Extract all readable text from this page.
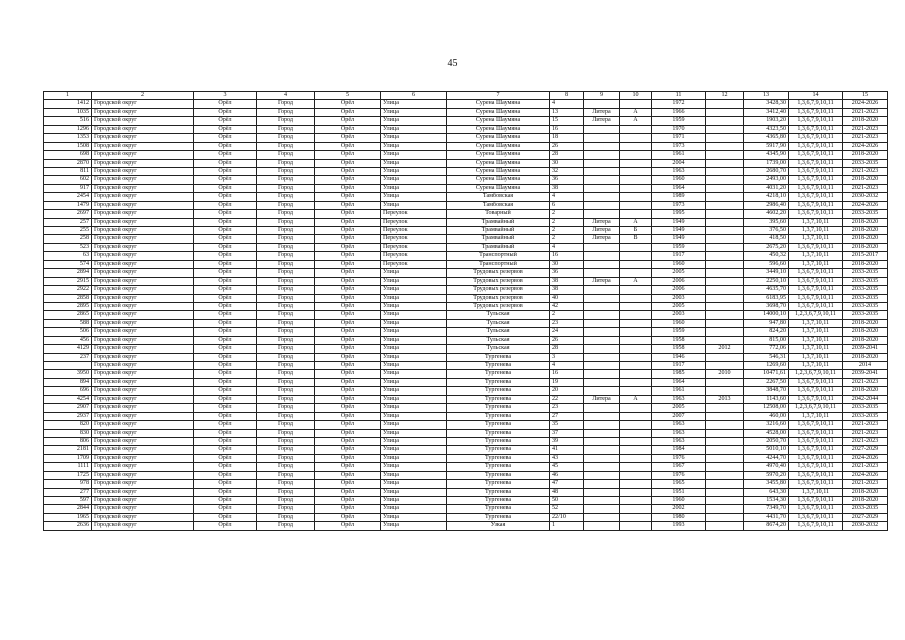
45
1	2	3	4	5	6	7	8	9	10	11	12	13	14	15
1412	Городской округ	Орёл	Город	Орёл	Улица	Сурена Шаумяна	4			1972		3428,30	1,3,6,7,9,10,11	2024-2026
1035	Городской округ	Орёл	Город	Орёл	Улица	Сурена Шаумяна	13	Литера	А	1966		3412,40	1,3,6,7,9,10,11	2021-2023
516	Городской округ	Орёл	Город	Орёл	Улица	Сурена Шаумяна	15	Литера	А	1959		1903,20	1,3,6,7,9,10,11	2018-2020
1296	Городской округ	Орёл	Город	Орёл	Улица	Сурена Шаумяна	16			1970		4323,50	1,3,6,7,9,10,11	2021-2023
1353	Городской округ	Орёл	Город	Орёл	Улица	Сурена Шаумяна	18			1971		4365,80	1,3,6,7,9,10,11	2021-2023
1508	Городской округ	Орёл	Город	Орёл	Улица	Сурена Шаумяна	26			1973		5917,90	1,3,6,7,9,10,11	2024-2026
698	Городской округ	Орёл	Город	Орёл	Улица	Сурена Шаумяна	28			1961		4345,90	1,3,6,7,9,10,11	2018-2020
2870	Городской округ	Орёл	Город	Орёл	Улица	Сурена Шаумяна	30			2004		1739,00	1,3,6,7,9,10,11	2033-2035
811	Городской округ	Орёл	Город	Орёл	Улица	Сурена Шаумяна	32			1963		2680,70	1,3,6,7,9,10,11	2021-2023
602	Городской округ	Орёл	Город	Орёл	Улица	Сурена Шаумяна	36			1960		2493,00	1,3,6,7,9,10,11	2018-2020
917	Городской округ	Орёл	Город	Орёл	Улица	Сурена Шаумяна	38			1964		4031,20	1,3,6,7,9,10,11	2021-2023
2454	Городской округ	Орёл	Город	Орёл	Улица	Тамбовская	4			1989		4218,10	1,3,6,7,9,10,11	2030-2032
1479	Городской округ	Орёл	Город	Орёл	Улица	Тамбовская	6			1973		2986,40	1,3,6,7,9,10,11	2024-2026
2697	Городской округ	Орёл	Город	Орёл	Переулок	Товарный	2			1995		4602,20	1,3,6,7,9,10,11	2033-2035
257	Городской округ	Орёл	Город	Орёл	Переулок	Трамвайный	2	Литера	А	1949		395,60	1,3,7,10,11	2018-2020
255	Городской округ	Орёл	Город	Орёл	Переулок	Трамвайный	2	Литера	Б	1949		376,50	1,3,7,10,11	2018-2020
258	Городской округ	Орёл	Город	Орёл	Переулок	Трамвайный	2	Литера	В	1949		418,50	1,3,7,10,11	2018-2020
523	Городской округ	Орёл	Город	Орёл	Переулок	Трамвайный	4			1959		2675,20	1,3,6,7,9,10,11	2018-2020
63	Городской округ	Орёл	Город	Орёл	Переулок	Транспортный	16			1917		450,32	1,3,7,10,11	2015-2017
574	Городской округ	Орёл	Город	Орёл	Переулок	Транспортный	30			1960		596,60	1,3,7,10,11	2018-2020
2894	Городской округ	Орёл	Город	Орёл	Улица	Трудовых резервов	36			2005		3449,10	1,3,6,7,9,10,11	2033-2035
2915	Городской округ	Орёл	Город	Орёл	Улица	Трудовых резервов	38	Литера	А	2006		2250,10	1,3,6,7,9,10,11	2033-2035
2922	Городской округ	Орёл	Город	Орёл	Улица	Трудовых резервов	38			2006		4635,70	1,3,6,7,9,10,11	2033-2035
2858	Городской округ	Орёл	Город	Орёл	Улица	Трудовых резервов	40			2003		6183,95	1,3,6,7,9,10,11	2033-2035
2895	Городской округ	Орёл	Город	Орёл	Улица	Трудовых резервов	42			2005		3698,70	1,3,6,7,9,10,11	2033-2035
2865	Городской округ	Орёл	Город	Орёл	Улица	Тульская	2			2003		14000,10	1,2,3,6,7,9,10,11	2033-2035
588	Городской округ	Орёл	Город	Орёл	Улица	Тульская	23			1960		947,80	1,3,7,10,11	2018-2020
506	Городской округ	Орёл	Город	Орёл	Улица	Тульская	24			1959		824,20	1,3,7,10,11	2018-2020
456	Городской округ	Орёл	Город	Орёл	Улица	Тульская	26			1958		815,00	1,3,7,10,11	2018-2020
4129	Городской округ	Орёл	Город	Орёл	Улица	Тульская	28			1958	2012	772,06	1,3,7,10,11	2039-2041
237	Городской округ	Орёл	Город	Орёл	Улица	Тургенева	3			1946		546,31	1,3,7,10,11	2018-2020
	Городской округ	Орёл	Город	Орёл	Улица	Тургенева	4			1917		1269,60	1,3,7,10,11	2014
3950	Городской округ	Орёл	Город	Орёл	Улица	Тургенева	16			1985	2010	10471,61	1,2,3,6,7,9,10,11	2039-2041
894	Городской округ	Орёл	Город	Орёл	Улица	Тургенева	19			1964		2267,50	1,3,6,7,9,10,11	2021-2023
696	Городской округ	Орёл	Город	Орёл	Улица	Тургенева	20			1961		3848,70	1,3,6,7,9,10,11	2018-2020
4254	Городской округ	Орёл	Город	Орёл	Улица	Тургенева	22	Литера	А	1963	2013	1143,60	1,3,6,7,9,10,11	2042-2044
2907	Городской округ	Орёл	Город	Орёл	Улица	Тургенева	23			2005		12508,00	1,2,3,6,7,9,10,11	2033-2035
2937	Городской округ	Орёл	Город	Орёл	Улица	Тургенева	27			2007		460,00	1,3,7,10,11	2033-2035
820	Городской округ	Орёл	Город	Орёл	Улица	Тургенева	35			1963		3216,60	1,3,6,7,9,10,11	2021-2023
830	Городской округ	Орёл	Город	Орёл	Улица	Тургенева	37			1963		4528,00	1,3,6,7,9,10,11	2021-2023
806	Городской округ	Орёл	Город	Орёл	Улица	Тургенева	39			1963		2050,70	1,3,6,7,9,10,11	2021-2023
2181	Городской округ	Орёл	Город	Орёл	Улица	Тургенева	41			1984		5010,10	1,3,6,7,9,10,11	2027-2029
1709	Городской округ	Орёл	Город	Орёл	Улица	Тургенева	43			1976		4244,70	1,3,6,7,9,10,11	2024-2026
1111	Городской округ	Орёл	Город	Орёл	Улица	Тургенева	45			1967		4970,40	1,3,6,7,9,10,11	2021-2023
1725	Городской округ	Орёл	Город	Орёл	Улица	Тургенева	46			1976		5970,20	1,3,6,7,9,10,11	2024-2026
978	Городской округ	Орёл	Город	Орёл	Улица	Тургенева	47			1965		3455,80	1,3,6,7,9,10,11	2021-2023
277	Городской округ	Орёл	Город	Орёл	Улица	Тургенева	48			1951		643,30	1,3,7,10,11	2018-2020
597	Городской округ	Орёл	Город	Орёл	Улица	Тургенева	50			1960		1534,30	1,3,6,7,9,10,11	2018-2020
2844	Городской округ	Орёл	Город	Орёл	Улица	Тургенева	52			2002		7349,70	1,3,6,7,9,10,11	2033-2035
1965	Городской округ	Орёл	Город	Орёл	Улица	Тургенева	22/10			1980		4431,70	1,3,6,7,9,10,11	2027-2029
2636	Городской округ	Орёл	Город	Орёл	Улица	Узкая	1			1993		8674,20	1,3,6,7,9,10,11	2030-2032
